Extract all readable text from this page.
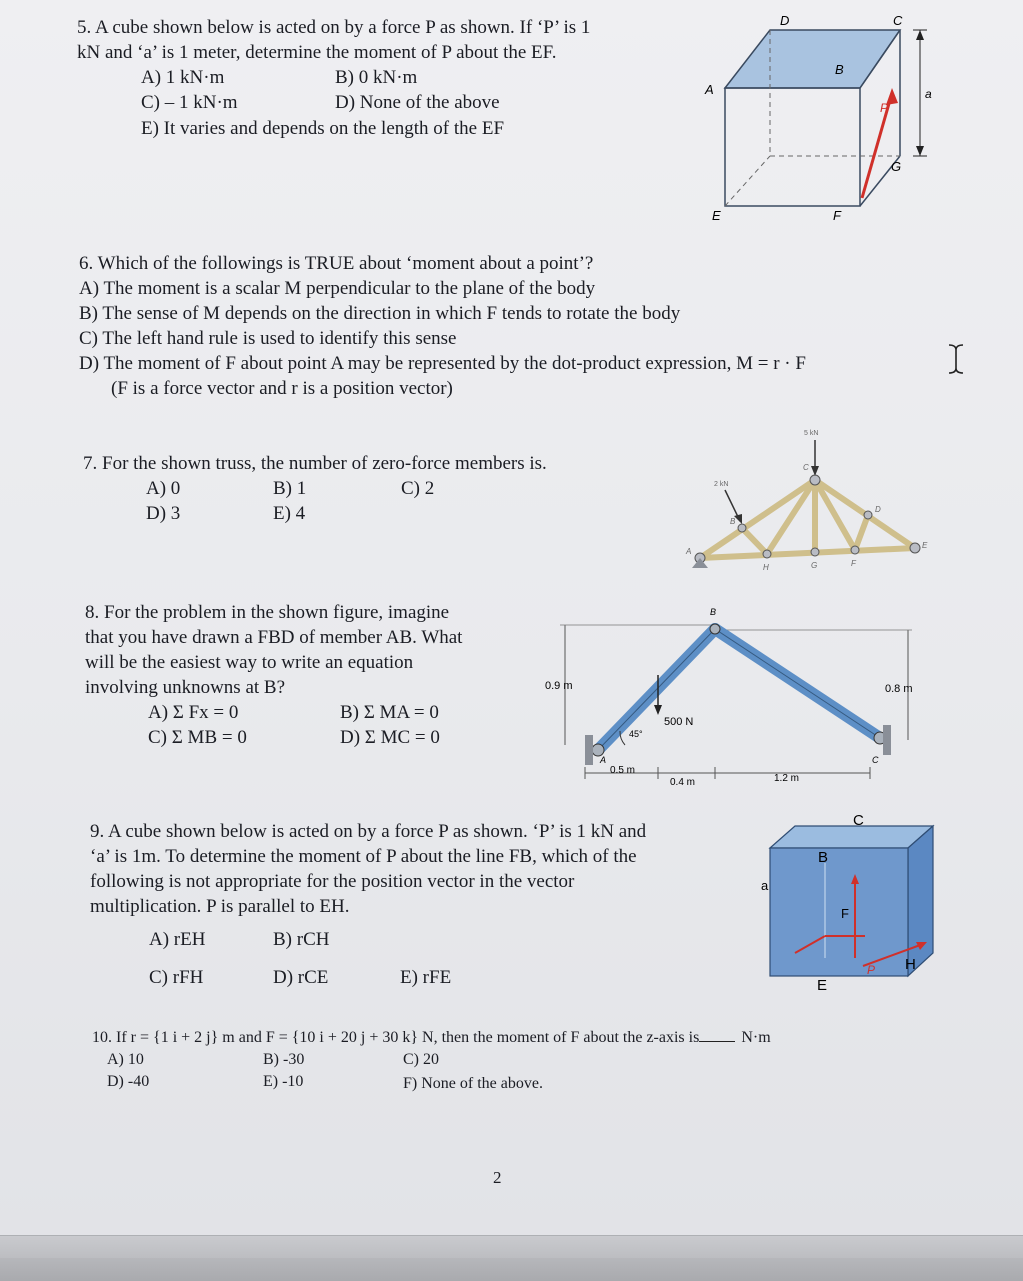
5. A cube shown below is acted on by a force P as shown. If ‘P’ is 1
kN and ‘a’ is 1 meter, determine the moment of P about the EF.
A) 1 kN·m	B) 0 kN·m
C) – 1 kN·m	D) None of the above
E) It varies and depends on the length of the EF
A
D	C
B
P
G
E	F
a
6. Which of the followings is TRUE about ‘moment about a point’?
A) The moment is a scalar M perpendicular to the plane of the body
B) The sense of M depends on the direction in which F tends to rotate the body
C) The left hand rule is used to identify this sense
D) The moment of F about point A may be represented by the dot-product expression, M = r · F
(F is a force vector and r is a position vector)
7. For the shown truss, the number of zero-force members is.
A) 0	B) 1	C) 2
D) 3	E) 4
5 kN
2 kN
C
B
D
A
H	G	F
E
8. For the problem in the shown figure, imagine
that you have drawn a FBD of member AB. What
will be the easiest way to write an equation
involving unknowns at B?
A) Σ Fx = 0	B) Σ MA = 0
C) Σ MB = 0	D) Σ MC = 0
B
0.9 m	0.8 m
500 N
45°
A	C
0.5 m
0.4 m	1.2 m
9. A cube shown below is acted on by a force P as shown. ‘P’ is 1 kN and
‘a’ is 1m. To determine the moment of P about the line FB, which of the
following is not appropriate for the position vector in the vector
multiplication. P is parallel to EH.
A) rEH	B) rCH
C) rFH	D) rCE	E) rFE
C
B
a
F
P H
E
10. If r = {1 i + 2 j} m and F = {10 i + 20 j + 30 k} N, then the moment of F about the z-axis is	N·m
A) 10	B) -30	C) 20
D) -40	E) -10	F) None of the above.
2
